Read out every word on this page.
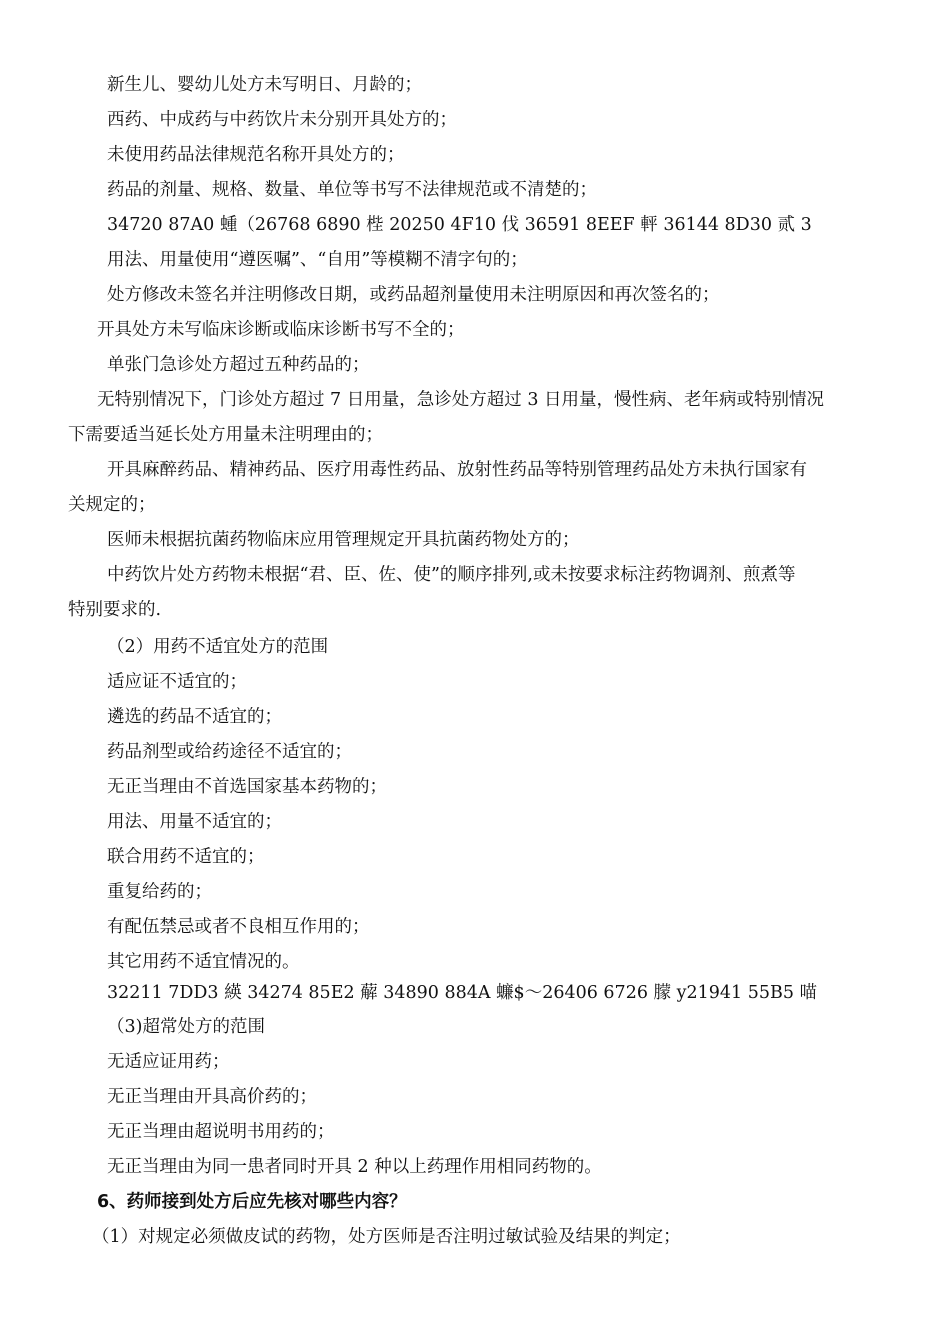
新生儿、婴幼儿处方未写明日、月龄的；
西药、中成药与中药饮片未分别开具处方的；
未使用药品法律规范名称开具处方的；
药品的剂量、规格、数量、单位等书写不法律规范或不清楚的；
34720 87A0 蝩（26768 6890 梐 20250 4F10 伐 36591 8EEF 軯 36144 8D30 贰 3
用法、用量使用“遵医嘱”、“自用”等模糊不清字句的；
处方修改未签名并注明修改日期，或药品超剂量使用未注明原因和再次签名的；
开具处方未写临床诊断或临床诊断书写不全的；
单张门急诊处方超过五种药品的；
无特别情况下，门诊处方超过 7 日用量，急诊处方超过 3 日用量，慢性病、老年病或特别情况
下需要适当延长处方用量未注明理由的；
开具麻醉药品、精神药品、医疗用毒性药品、放射性药品等特别管理药品处方未执行国家有
关规定的；
医师未根据抗菌药物临床应用管理规定开具抗菌药物处方的；
中药饮片处方药物未根据“君、臣、佐、使”的顺序排列,或未按要求标注药物调剂、煎煮等
特别要求的.
（2）用药不适宜处方的范围
适应证不适宜的；
遴选的药品不适宜的；
药品剂型或给药途径不适宜的；
无正当理由不首选国家基本药物的；
用法、用量不适宜的；
联合用药不适宜的；
重复给药的；
有配伍禁忌或者不良相互作用的；
其它用药不适宜情况的。
32211 7DD3 緓 34274 85E2 薢 34890 884A 蠊$～26406 6726 朦 y21941 55B5 喵
（3)超常处方的范围
无适应证用药；
无正当理由开具高价药的；
无正当理由超说明书用药的；
无正当理由为同一患者同时开具 2 种以上药理作用相同药物的。
6、药师接到处方后应先核对哪些内容？
（1）对规定必须做皮试的药物，处方医师是否注明过敏试验及结果的判定；
